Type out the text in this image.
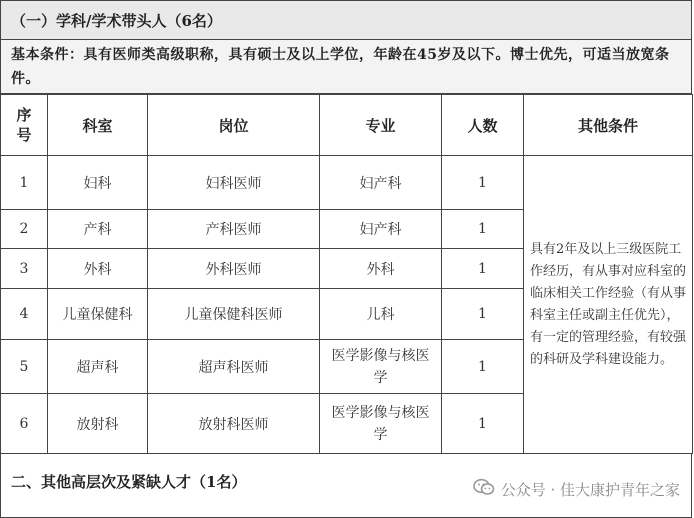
（一）学科/学术带头人（6名）
基本条件：具有医师类高级职称，具有硕士及以上学位，年龄在45岁及以下。博士优先，可适当放宽条件。
序号	科室	岗位	专业	人数	其他条件
1	妇科	妇科医师	妇产科	1	具有2年及以上三级医院工作经历，有从事对应科室的临床相关工作经验（有从事科室主任或副主任优先），有一定的管理经验，有较强的科研及学科建设能力。
2	产科	产科医师	妇产科	1	
3	外科	外科医师	外科	1	
4	儿童保健科	儿童保健科医师	儿科	1	
5	超声科	超声科医师	医学影像与核医学	1	
6	放射科	放射科医师	医学影像与核医学	1	
二、其他高层次及紧缺人才（1名）	公众号 · 佳大康护青年之家
